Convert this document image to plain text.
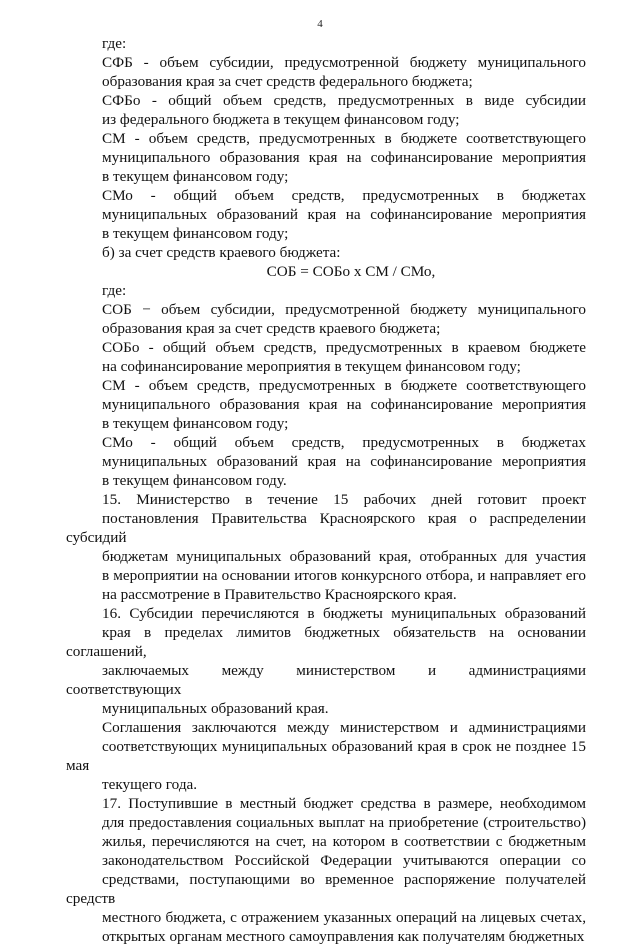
4

где:

СФБ - объем субсидии, предусмотренной бюджету муниципального
образования края за счет средств федерального бюджета;

СФБо - общий объем средств, предусмотренных в виде субсидии
из федерального бюджета в текущем финансовом году;

СМ - объем средств, предусмотренных в бюджете соответствующего
муниципального образования края на софинансирование мероприятия
в текущем финансовом году;

СМо - общий объем средств, предусмотренных в бюджетах
муниципальных образований края на софинансирование мероприятия
в текущем финансовом году;

б) за счет средств краевого бюджета:

СОБ = СОБо x СМ / СМо,

где:

СОБ − объем субсидии, предусмотренной бюджету муниципального
образования края за счет средств краевого бюджета;

СОБо - общий объем средств, предусмотренных в краевом бюджете
на софинансирование мероприятия в текущем финансовом году;

СМ - объем средств, предусмотренных в бюджете соответствующего
муниципального образования края на софинансирование мероприятия
в текущем финансовом году;

СМо - общий объем средств, предусмотренных в бюджетах
муниципальных образований края на софинансирование мероприятия
в текущем финансовом году.

15. Министерство в течение 15 рабочих дней готовит проект
постановления Правительства Красноярского края о распределении субсидий
бюджетам муниципальных образований края, отобранных для участия
в мероприятии на основании итогов конкурсного отбора, и направляет его
на рассмотрение в Правительство Красноярского края.

16. Субсидии перечисляются в бюджеты муниципальных образований
края в пределах лимитов бюджетных обязательств на основании соглашений,
заключаемых между министерством и администрациями соответствующих
муниципальных образований края.

Соглашения заключаются между министерством и администрациями
соответствующих муниципальных образований края в срок не позднее 15 мая
текущего года.

17. Поступившие в местный бюджет средства в размере, необходимом
для предоставления социальных выплат на приобретение (строительство)
жилья, перечисляются на счет, на котором в соответствии с бюджетным
законодательством Российской Федерации учитываются операции со
средствами, поступающими во временное распоряжение получателей средств
местного бюджета, с отражением указанных операций на лицевых счетах,
открытых органам местного самоуправления как получателям бюджетных
